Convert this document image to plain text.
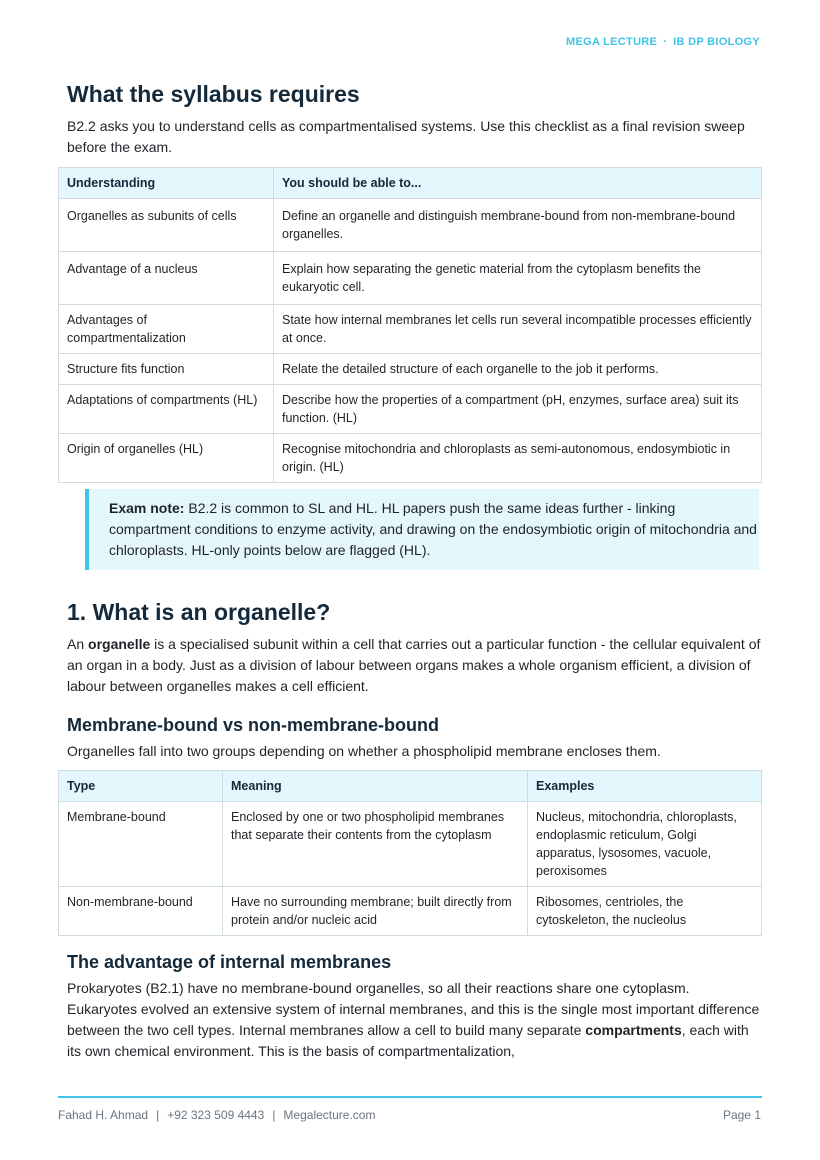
MEGA LECTURE · IB DP BIOLOGY
What the syllabus requires

B2.2 asks you to understand cells as compartmentalised systems. Use this checklist as a final revision sweep before the exam.

Understanding	You should be able to...
Organelles as subunits of cells	Define an organelle and distinguish membrane-bound from non-membrane-bound organelles.
Advantage of a nucleus	Explain how separating the genetic material from the cytoplasm benefits the eukaryotic cell.
Advantages of compartmentalization	State how internal membranes let cells run several incompatible processes efficiently at once.
Structure fits function	Relate the detailed structure of each organelle to the job it performs.
Adaptations of compartments (HL)	Describe how the properties of a compartment (pH, enzymes, surface area) suit its function. (HL)
Origin of organelles (HL)	Recognise mitochondria and chloroplasts as semi-autonomous, endosymbiotic in origin. (HL)
Exam note: B2.2 is common to SL and HL. HL papers push the same ideas further - linking compartment conditions to enzyme activity, and drawing on the endosymbiotic origin of mitochondria and chloroplasts. HL-only points below are flagged (HL).
1. What is an organelle?

An organelle is a specialised subunit within a cell that carries out a particular function - the cellular equivalent of an organ in a body. Just as a division of labour between organs makes a whole organism efficient, a division of labour between organelles makes a cell efficient.

Membrane-bound vs non-membrane-bound

Organelles fall into two groups depending on whether a phospholipid membrane encloses them.

Type	Meaning	Examples
Membrane-bound	Enclosed by one or two phospholipid membranes that separate their contents from the cytoplasm	Nucleus, mitochondria, chloroplasts, endoplasmic reticulum, Golgi apparatus, lysosomes, vacuole, peroxisomes
Non-membrane-bound	Have no surrounding membrane; built directly from protein and/or nucleic acid	Ribosomes, centrioles, the cytoskeleton, the nucleolus
The advantage of internal membranes

Prokaryotes (B2.1) have no membrane-bound organelles, so all their reactions share one cytoplasm. Eukaryotes evolved an extensive system of internal membranes, and this is the single most important difference between the two cell types. Internal membranes allow a cell to build many separate compartments, each with its own chemical environment. This is the basis of compartmentalization,

Fahad H. Ahmad | +92 323 509 4443 | Megalecture.com	Page 1
